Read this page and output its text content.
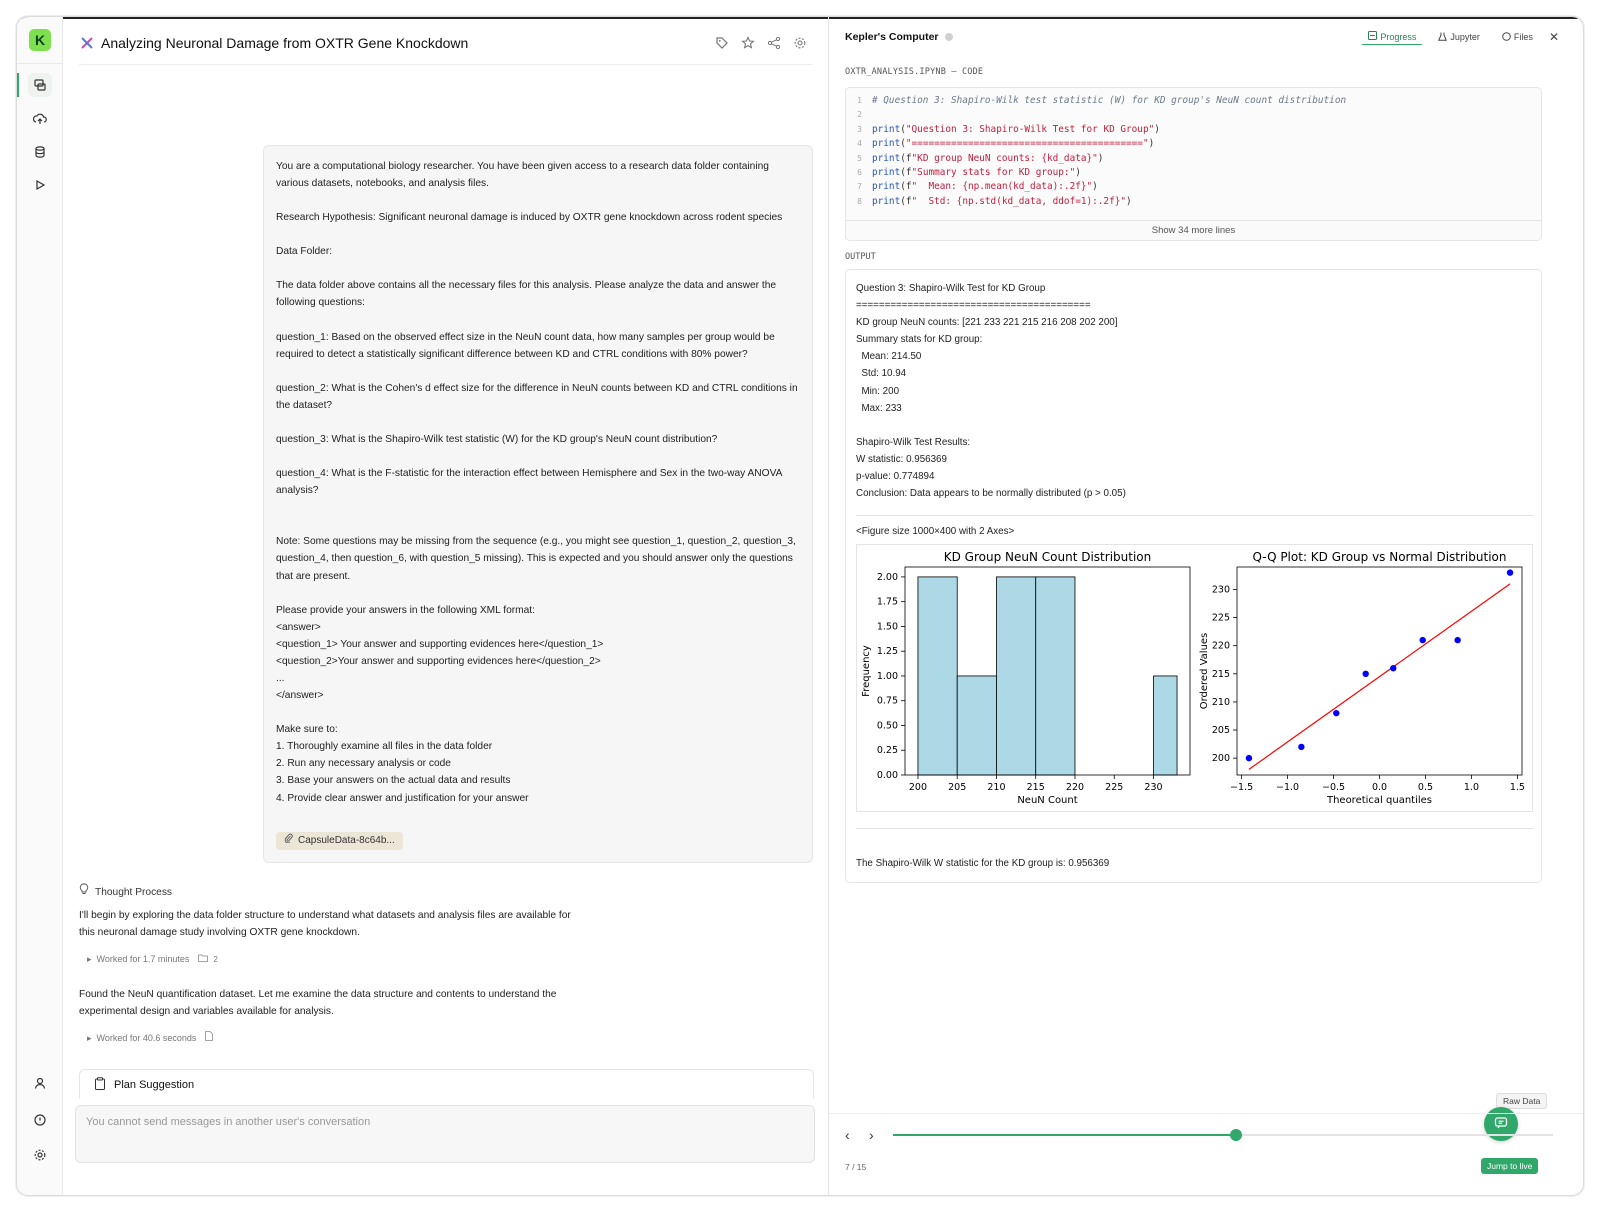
K	Analyzing Neuronal Damage from OXTR Gene Knockdown

You are a computational biology researcher. You have been given access to a research data folder containing various datasets, notebooks, and analysis files.

Research Hypothesis: Significant neuronal damage is induced by OXTR gene knockdown across rodent species

Data Folder:

The data folder above contains all the necessary files for this analysis. Please analyze the data and answer the following questions:

question_1: Based on the observed effect size in the NeuN count data, how many samples per group would be required to detect a statistically significant difference between KD and CTRL conditions with 80% power?

question_2: What is the Cohen's d effect size for the difference in NeuN counts between KD and CTRL conditions in the dataset?

question_3: What is the Shapiro-Wilk test statistic (W) for the KD group's NeuN count distribution?

question_4: What is the F-statistic for the interaction effect between Hemisphere and Sex in the two-way ANOVA analysis?

Note: Some questions may be missing from the sequence (e.g., you might see question_1, question_2, question_3, question_4, then question_6, with question_5 missing). This is expected and you should answer only the questions that are present.

Please provide your answers in the following XML format:
<answer>
<question_1> Your answer and supporting evidences here</question_1>
<question_2>Your answer and supporting evidences here</question_2>
...
</answer>

Make sure to:
1. Thoroughly examine all files in the data folder
2. Run any necessary analysis or code
3. Base your answers on the actual data and results
4. Provide clear answer and justification for your answer

CapsuleData-8c64b...
Thought Process

I'll begin by exploring the data folder structure to understand what datasets and analysis files are available for this neuronal damage study involving OXTR gene knockdown.

▸ Worked for 1.7 minutes	2

Found the NeuN quantification dataset. Let me examine the data structure and contents to understand the experimental design and variables available for analysis.

▸ Worked for 40.6 seconds
Plan Suggestion
You cannot send messages in another user's conversation
Kepler's Computer	Progress	Jupyter	Files ✕
OXTR_ANALYSIS.IPYNB — CODE
1	# Question 3: Shapiro-Wilk test statistic (W) for KD group's NeuN count distribution
2
3	print("Question 3: Shapiro-Wilk Test for KD Group")
4	print("=========================================")
5	print(f"KD group NeuN counts: {kd_data}")
6	print(f"Summary stats for KD group:")
7	print(f"  Mean: {np.mean(kd_data):.2f}")
8	print(f"  Std: {np.std(kd_data, ddof=1):.2f}")
Show 34 more lines
OUTPUT
Question 3: Shapiro-Wilk Test for KD Group
=========================================
KD group NeuN counts: [221 233 221 215 216 208 202 200]
Summary stats for KD group:
Mean: 214.50
Std: 10.94
Min: 200
Max: 233

Shapiro-Wilk Test Results:
W statistic: 0.956369
p-value: 0.774894
Conclusion: Data appears to be normally distributed (p > 0.05)
<Figure size 1000×400 with 2 Axes>
KD Group NeuN Count Distribution
200 205 210 215 220 225 230
0.00
0.25
0.50
0.75
1.00
1.25
1.50
1.75
2.00
NeuN Count
Frequency
Q-Q Plot: KD Group vs Normal Distribution
−1.5 −1.0 −0.5	0.0	0.5	1.0	1.5
200
205
210
215
220
225
230
Theoretical quantiles
Ordered Values
The Shapiro-Wilk W statistic for the KD group is: 0.956369
Raw Data
‹	›
7 / 15	Jump to live
